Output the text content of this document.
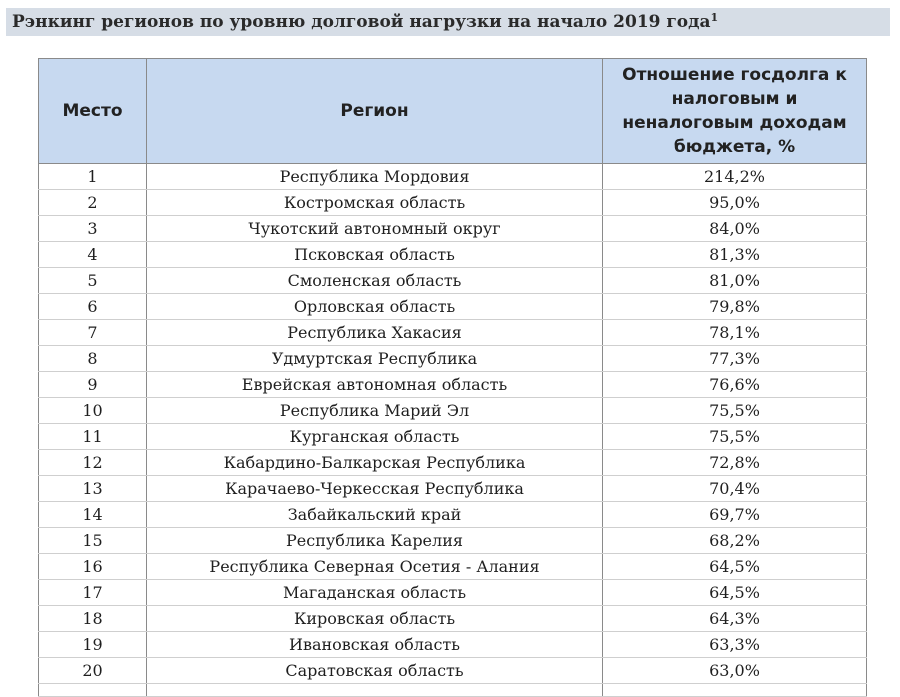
Рэнкинг регионов по уровню долговой нагрузки на начало 2019 года$^1$
Место	Регион	Отношение госдолга к налоговым и неналоговым доходам бюджета, %
1	Республика Мордовия	214,2%
2	Костромская область	95,0%
3	Чукотский автономный округ	84,0%
4	Псковская область	81,3%
5	Смоленская область	81,0%
6	Орловская область	79,8%
7	Республика Хакасия	78,1%
8	Удмуртская Республика	77,3%
9	Еврейская автономная область	76,6%
10	Республика Марий Эл	75,5%
11	Курганская область	75,5%
12	Кабардино-Балкарская Республика	72,8%
13	Карачаево-Черкесская Республика	70,4%
14	Забайкальский край	69,7%
15	Республика Карелия	68,2%
16	Республика Северная Осетия - Алания	64,5%
17	Магаданская область	64,5%
18	Кировская область	64,3%
19	Ивановская область	63,3%
20	Саратовская область	63,0%
